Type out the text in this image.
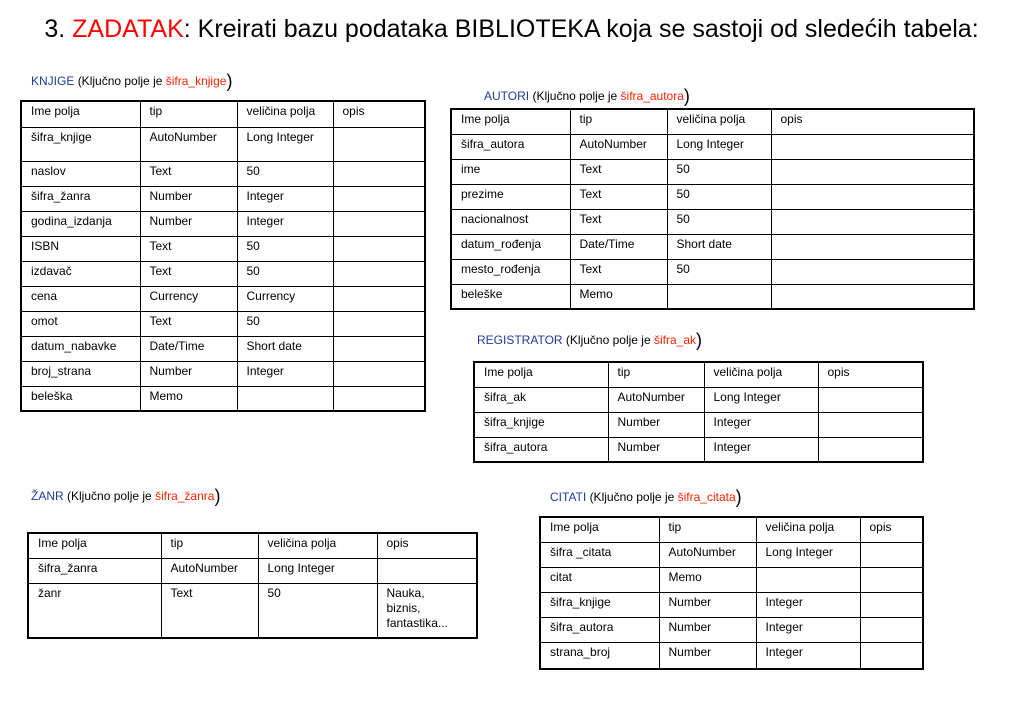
3. ZADATAK: Kreirati bazu podataka BIBLIOTEKA koja se sastoji od sledećih tabela:
KNJIGE (Ključno polje je šifra_knjige)
Ime polja	tip	veličina polja	opis
šifra_knjige	AutoNumber	Long Integer	
naslov	Text	50	
šifra_žanra	Number	Integer	
godina_izdanja	Number	Integer	
ISBN	Text	50	
izdavač	Text	50	
cena	Currency	Currency	
omot	Text	50	
datum_nabavke	Date/Time	Short date	
broj_strana	Number	Integer	
beleška	Memo		
AUTORI (Ključno polje je šifra_autora)
Ime polja	tip	veličina polja	opis
šifra_autora	AutoNumber	Long Integer	
ime	Text	50	
prezime	Text	50	
nacionalnost	Text	50	
datum_rođenja	Date/Time	Short date	
mesto_rođenja	Text	50	
beleške	Memo		
REGISTRATOR (Ključno polje je šifra_ak)
Ime polja	tip	veličina polja	opis
šifra_ak	AutoNumber	Long Integer	
šifra_knjige	Number	Integer	
šifra_autora	Number	Integer	
ŽANR (Ključno polje je šifra_žanra)
Ime polja	tip	veličina polja	opis
šifra_žanra	AutoNumber	Long Integer	
žanr	Text	50	Nauka,
biznis,
fantastika...
CITATI (Ključno polje je šifra_citata)
Ime polja	tip	veličina polja	opis
šifra _citata	AutoNumber	Long Integer	
citat	Memo		
šifra_knjige	Number	Integer	
šifra_autora	Number	Integer	
strana_broj	Number	Integer	
